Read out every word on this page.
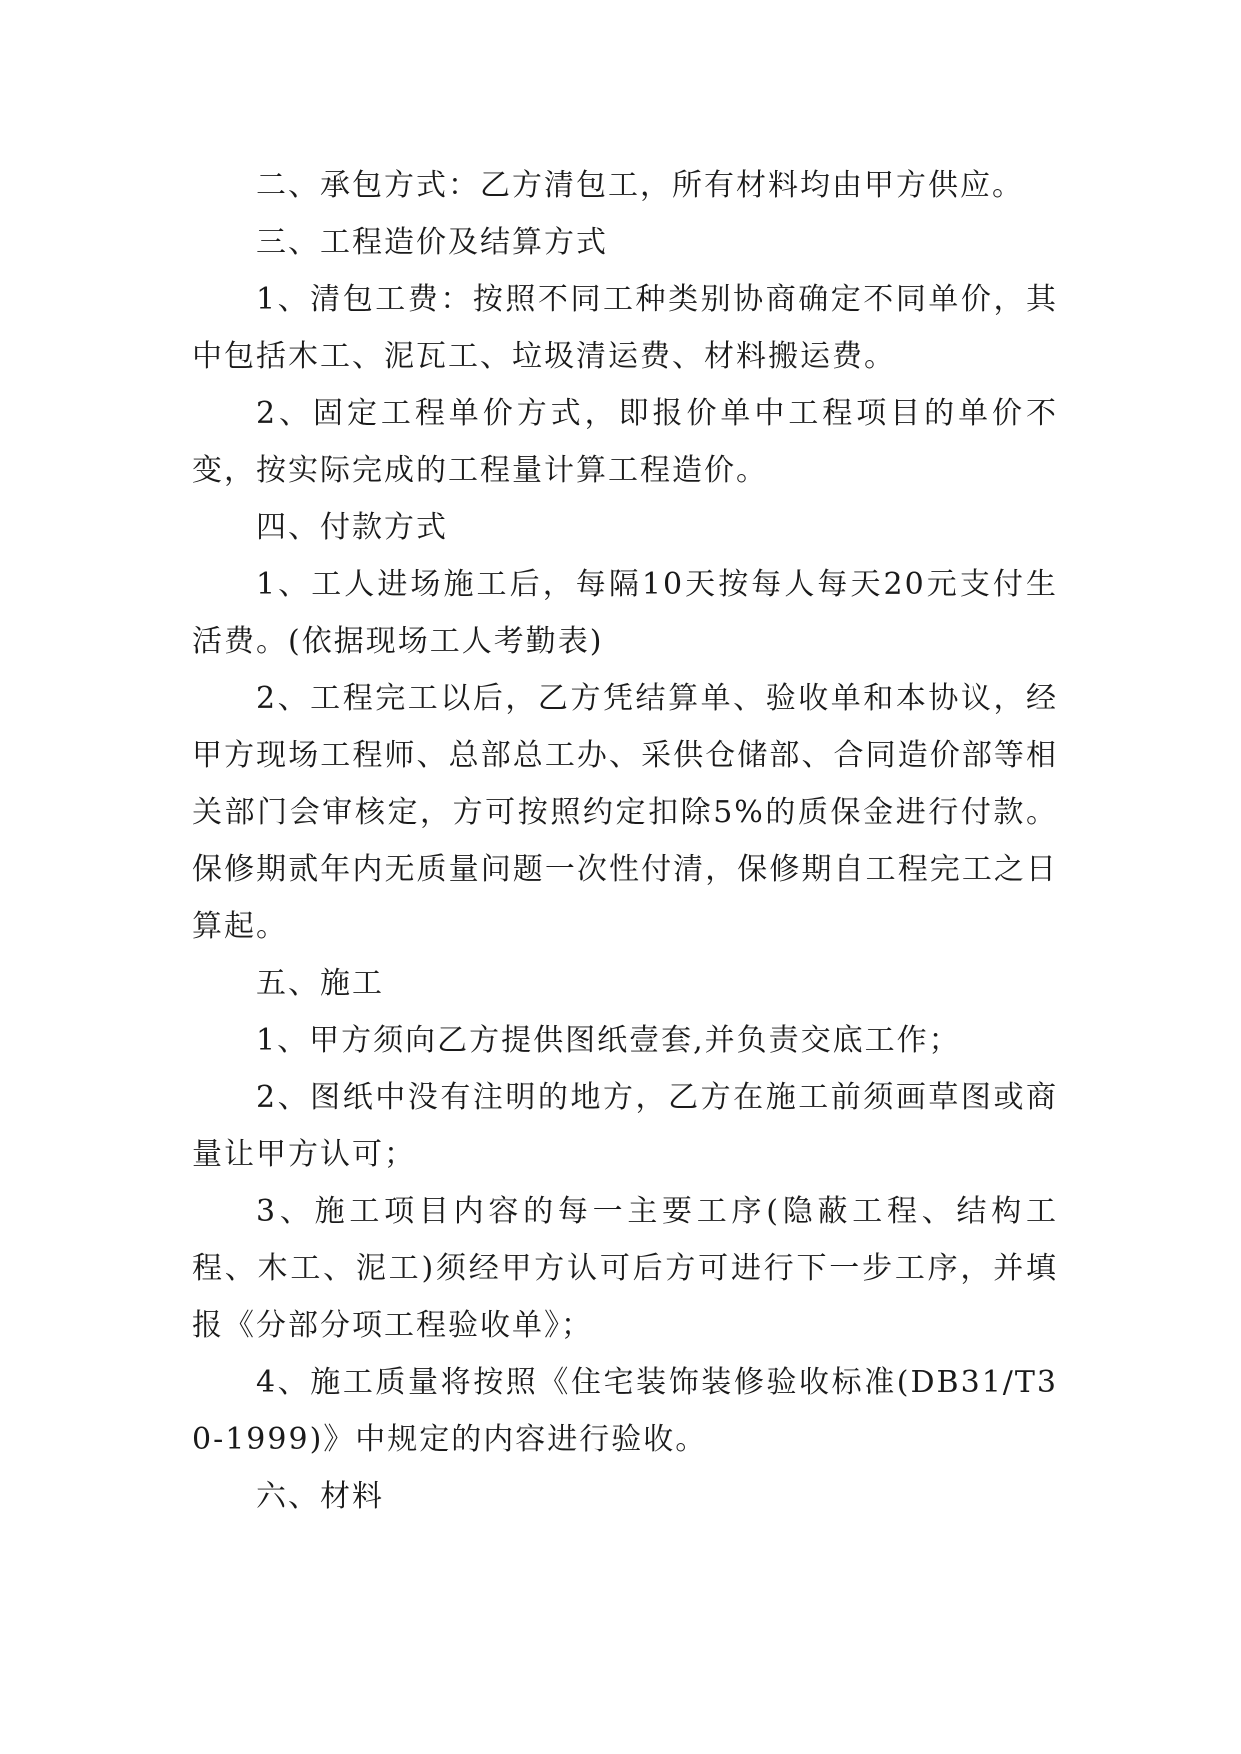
二、承包方式：乙方清包工，所有材料均由甲方供应。

三、工程造价及结算方式

1、清包工费：按照不同工种类别协商确定不同单价，其中包括木工、泥瓦工、垃圾清运费、材料搬运费。

2、固定工程单价方式，即报价单中工程项目的单价不变，按实际完成的工程量计算工程造价。

四、付款方式

1、工人进场施工后，每隔10天按每人每天20元支付生活费。(依据现场工人考勤表)

2、工程完工以后，乙方凭结算单、验收单和本协议，经甲方现场工程师、总部总工办、采供仓储部、合同造价部等相关部门会审核定，方可按照约定扣除5%的质保金进行付款。保修期贰年内无质量问题一次性付清，保修期自工程完工之日算起。

五、施工

1、甲方须向乙方提供图纸壹套,并负责交底工作；

2、图纸中没有注明的地方，乙方在施工前须画草图或商量让甲方认可；

3、施工项目内容的每一主要工序(隐蔽工程、结构工程、木工、泥工)须经甲方认可后方可进行下一步工序，并填报《分部分项工程验收单》；

4、施工质量将按照《住宅装饰装修验收标准(DB31/T30-1999)》中规定的内容进行验收。

六、材料
